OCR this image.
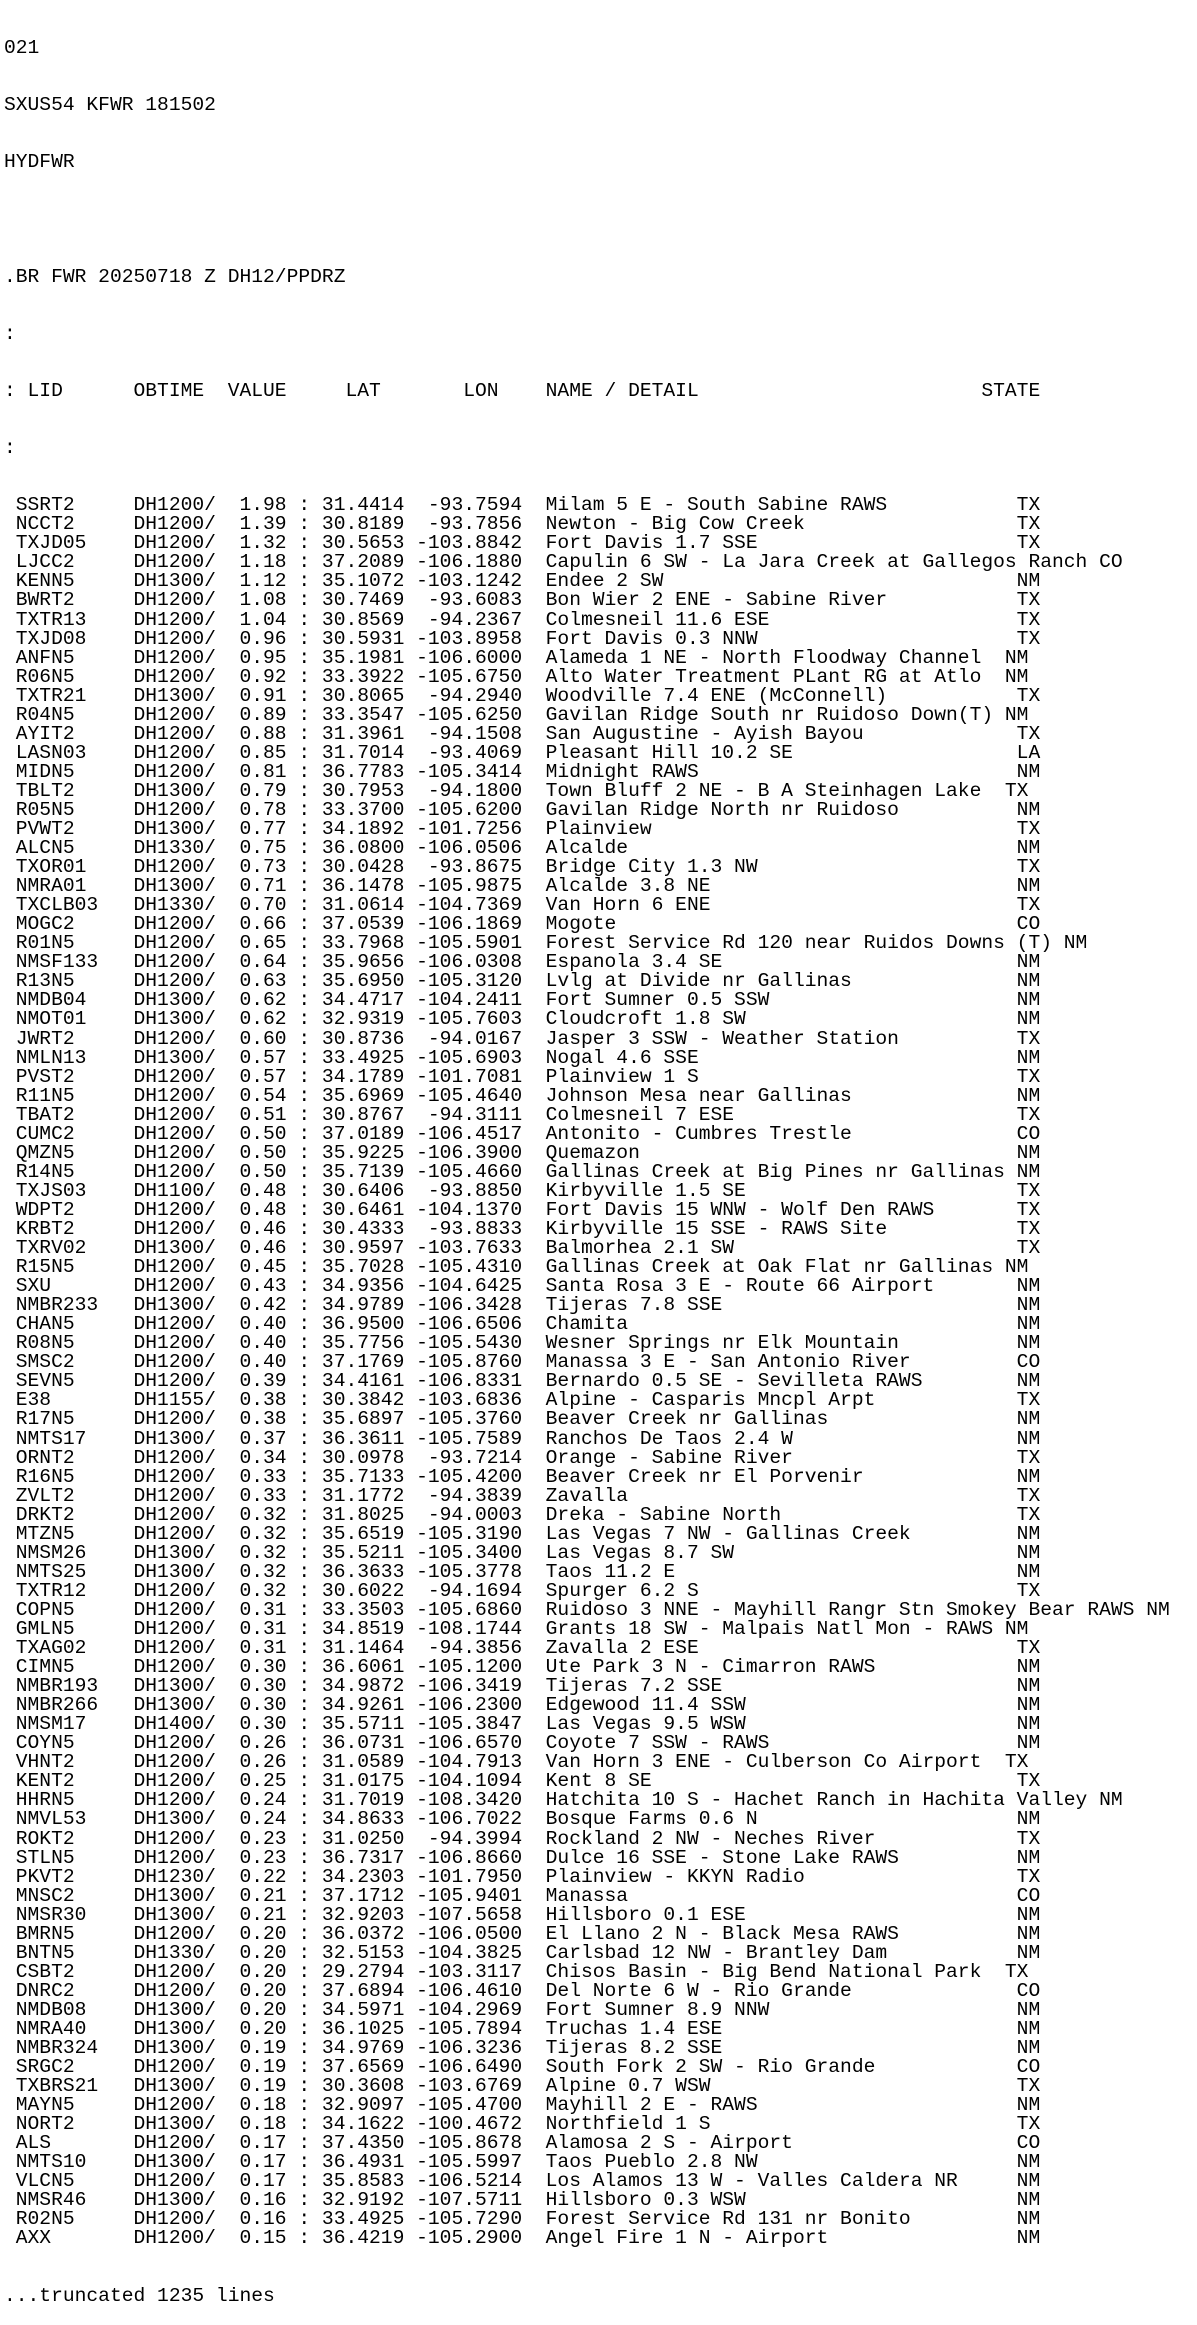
021

SXUS54 KFWR 181502

HYDFWR

.BR FWR 20250718 Z DH12/PPDRZ

:

: LID      OBTIME  VALUE     LAT       LON    NAME / DETAIL                        STATE

:

SSRT2     DH1200/  1.98 : 31.4414  -93.7594  Milam 5 E - South Sabine RAWS           TX
NCCT2     DH1200/  1.39 : 30.8189  -93.7856  Newton - Big Cow Creek                  TX
TXJD05    DH1200/  1.32 : 30.5653 -103.8842  Fort Davis 1.7 SSE                      TX
LJCC2     DH1200/  1.18 : 37.2089 -106.1880  Capulin 6 SW - La Jara Creek at Gallegos Ranch CO
KENN5     DH1300/  1.12 : 35.1072 -103.1242  Endee 2 SW                              NM
BWRT2     DH1200/  1.08 : 30.7469  -93.6083  Bon Wier 2 ENE - Sabine River           TX
TXTR13    DH1200/  1.04 : 30.8569  -94.2367  Colmesneil 11.6 ESE                     TX
TXJD08    DH1200/  0.96 : 30.5931 -103.8958  Fort Davis 0.3 NNW                      TX
ANFN5     DH1200/  0.95 : 35.1981 -106.6000  Alameda 1 NE - North Floodway Channel  NM
R06N5     DH1200/  0.92 : 33.3922 -105.6750  Alto Water Treatment PLant RG at Atlo  NM
TXTR21    DH1300/  0.91 : 30.8065  -94.2940  Woodville 7.4 ENE (McConnell)           TX
R04N5     DH1200/  0.89 : 33.3547 -105.6250  Gavilan Ridge South nr Ruidoso Down(T) NM
AYIT2     DH1200/  0.88 : 31.3961  -94.1508  San Augustine - Ayish Bayou             TX
LASN03    DH1200/  0.85 : 31.7014  -93.4069  Pleasant Hill 10.2 SE                   LA
MIDN5     DH1200/  0.81 : 36.7783 -105.3414  Midnight RAWS                           NM
TBLT2     DH1300/  0.79 : 30.7953  -94.1800  Town Bluff 2 NE - B A Steinhagen Lake  TX
R05N5     DH1200/  0.78 : 33.3700 -105.6200  Gavilan Ridge North nr Ruidoso          NM
PVWT2     DH1300/  0.77 : 34.1892 -101.7256  Plainview                               TX
ALCN5     DH1330/  0.75 : 36.0800 -106.0506  Alcalde                                 NM
TXOR01    DH1200/  0.73 : 30.0428  -93.8675  Bridge City 1.3 NW                      TX
NMRA01    DH1300/  0.71 : 36.1478 -105.9875  Alcalde 3.8 NE                          NM
TXCLB03   DH1330/  0.70 : 31.0614 -104.7369  Van Horn 6 ENE                          TX
MOGC2     DH1200/  0.66 : 37.0539 -106.1869  Mogote                                  CO
R01N5     DH1200/  0.65 : 33.7968 -105.5901  Forest Service Rd 120 near Ruidos Downs (T) NM
NMSF133   DH1200/  0.64 : 35.9656 -106.0308  Espanola 3.4 SE                         NM
R13N5     DH1200/  0.63 : 35.6950 -105.3120  Lvlg at Divide nr Gallinas              NM
NMDB04    DH1300/  0.62 : 34.4717 -104.2411  Fort Sumner 0.5 SSW                     NM
NMOT01    DH1300/  0.62 : 32.9319 -105.7603  Cloudcroft 1.8 SW                       NM
JWRT2     DH1200/  0.60 : 30.8736  -94.0167  Jasper 3 SSW - Weather Station          TX
NMLN13    DH1300/  0.57 : 33.4925 -105.6903  Nogal 4.6 SSE                           NM
PVST2     DH1200/  0.57 : 34.1789 -101.7081  Plainview 1 S                           TX
R11N5     DH1200/  0.54 : 35.6969 -105.4640  Johnson Mesa near Gallinas              NM
TBAT2     DH1200/  0.51 : 30.8767  -94.3111  Colmesneil 7 ESE                        TX
CUMC2     DH1200/  0.50 : 37.0189 -106.4517  Antonito - Cumbres Trestle              CO
QMZN5     DH1200/  0.50 : 35.9225 -106.3900  Quemazon                                NM
R14N5     DH1200/  0.50 : 35.7139 -105.4660  Gallinas Creek at Big Pines nr Gallinas NM
TXJS03    DH1100/  0.48 : 30.6406  -93.8850  Kirbyville 1.5 SE                       TX
WDPT2     DH1200/  0.48 : 30.6461 -104.1370  Fort Davis 15 WNW - Wolf Den RAWS       TX
KRBT2     DH1200/  0.46 : 30.4333  -93.8833  Kirbyville 15 SSE - RAWS Site           TX
TXRV02    DH1300/  0.46 : 30.9597 -103.7633  Balmorhea 2.1 SW                        TX
R15N5     DH1200/  0.45 : 35.7028 -105.4310  Gallinas Creek at Oak Flat nr Gallinas NM
SXU       DH1200/  0.43 : 34.9356 -104.6425  Santa Rosa 3 E - Route 66 Airport       NM
NMBR233   DH1300/  0.42 : 34.9789 -106.3428  Tijeras 7.8 SSE                         NM
CHAN5     DH1200/  0.40 : 36.9500 -106.6506  Chamita                                 NM
R08N5     DH1200/  0.40 : 35.7756 -105.5430  Wesner Springs nr Elk Mountain          NM
SMSC2     DH1200/  0.40 : 37.1769 -105.8760  Manassa 3 E - San Antonio River         CO
SEVN5     DH1200/  0.39 : 34.4161 -106.8331  Bernardo 0.5 SE - Sevilleta RAWS        NM
E38       DH1155/  0.38 : 30.3842 -103.6836  Alpine - Casparis Mncpl Arpt            TX
R17N5     DH1200/  0.38 : 35.6897 -105.3760  Beaver Creek nr Gallinas                NM
NMTS17    DH1300/  0.37 : 36.3611 -105.7589  Ranchos De Taos 2.4 W                   NM
ORNT2     DH1200/  0.34 : 30.0978  -93.7214  Orange - Sabine River                   TX
R16N5     DH1200/  0.33 : 35.7133 -105.4200  Beaver Creek nr El Porvenir             NM
ZVLT2     DH1200/  0.33 : 31.1772  -94.3839  Zavalla                                 TX
DRKT2     DH1200/  0.32 : 31.8025  -94.0003  Dreka - Sabine North                    TX
MTZN5     DH1200/  0.32 : 35.6519 -105.3190  Las Vegas 7 NW - Gallinas Creek         NM
NMSM26    DH1300/  0.32 : 35.5211 -105.3400  Las Vegas 8.7 SW                        NM
NMTS25    DH1300/  0.32 : 36.3633 -105.3778  Taos 11.2 E                             NM
TXTR12    DH1200/  0.32 : 30.6022  -94.1694  Spurger 6.2 S                           TX
COPN5     DH1200/  0.31 : 33.3503 -105.6860  Ruidoso 3 NNE - Mayhill Rangr Stn Smokey Bear RAWS NM
GMLN5     DH1200/  0.31 : 34.8519 -108.1744  Grants 18 SW - Malpais Natl Mon - RAWS NM
TXAG02    DH1200/  0.31 : 31.1464  -94.3856  Zavalla 2 ESE                           TX
CIMN5     DH1200/  0.30 : 36.6061 -105.1200  Ute Park 3 N - Cimarron RAWS            NM
NMBR193   DH1300/  0.30 : 34.9872 -106.3419  Tijeras 7.2 SSE                         NM
NMBR266   DH1300/  0.30 : 34.9261 -106.2300  Edgewood 11.4 SSW                       NM
NMSM17    DH1400/  0.30 : 35.5711 -105.3847  Las Vegas 9.5 WSW                       NM
COYN5     DH1200/  0.26 : 36.0731 -106.6570  Coyote 7 SSW - RAWS                     NM
VHNT2     DH1200/  0.26 : 31.0589 -104.7913  Van Horn 3 ENE - Culberson Co Airport  TX
KENT2     DH1200/  0.25 : 31.0175 -104.1094  Kent 8 SE                               TX
HHRN5     DH1200/  0.24 : 31.7019 -108.3420  Hatchita 10 S - Hachet Ranch in Hachita Valley NM
NMVL53    DH1300/  0.24 : 34.8633 -106.7022  Bosque Farms 0.6 N                      NM
ROKT2     DH1200/  0.23 : 31.0250  -94.3994  Rockland 2 NW - Neches River            TX
STLN5     DH1200/  0.23 : 36.7317 -106.8660  Dulce 16 SSE - Stone Lake RAWS          NM
PKVT2     DH1230/  0.22 : 34.2303 -101.7950  Plainview - KKYN Radio                  TX
MNSC2     DH1300/  0.21 : 37.1712 -105.9401  Manassa                                 CO
NMSR30    DH1300/  0.21 : 32.9203 -107.5658  Hillsboro 0.1 ESE                       NM
BMRN5     DH1200/  0.20 : 36.0372 -106.0500  El Llano 2 N - Black Mesa RAWS          NM
BNTN5     DH1330/  0.20 : 32.5153 -104.3825  Carlsbad 12 NW - Brantley Dam           NM
CSBT2     DH1200/  0.20 : 29.2794 -103.3117  Chisos Basin - Big Bend National Park  TX
DNRC2     DH1200/  0.20 : 37.6894 -106.4610  Del Norte 6 W - Rio Grande              CO
NMDB08    DH1300/  0.20 : 34.5971 -104.2969  Fort Sumner 8.9 NNW                     NM
NMRA40    DH1300/  0.20 : 36.1025 -105.7894  Truchas 1.4 ESE                         NM
NMBR324   DH1300/  0.19 : 34.9769 -106.3236  Tijeras 8.2 SSE                         NM
SRGC2     DH1200/  0.19 : 37.6569 -106.6490  South Fork 2 SW - Rio Grande            CO
TXBRS21   DH1300/  0.19 : 30.3608 -103.6769  Alpine 0.7 WSW                          TX
MAYN5     DH1200/  0.18 : 32.9097 -105.4700  Mayhill 2 E - RAWS                      NM
NORT2     DH1300/  0.18 : 34.1622 -100.4672  Northfield 1 S                          TX
ALS       DH1200/  0.17 : 37.4350 -105.8678  Alamosa 2 S - Airport                   CO
NMTS10    DH1300/  0.17 : 36.4931 -105.5997  Taos Pueblo 2.8 NW                      NM
VLCN5     DH1200/  0.17 : 35.8583 -106.5214  Los Alamos 13 W - Valles Caldera NR     NM
NMSR46    DH1300/  0.16 : 32.9192 -107.5711  Hillsboro 0.3 WSW                       NM
R02N5     DH1200/  0.16 : 33.4925 -105.7290  Forest Service Rd 131 nr Bonito         NM
AXX       DH1200/  0.15 : 36.4219 -105.2900  Angel Fire 1 N - Airport                NM

...truncated 1235 lines
